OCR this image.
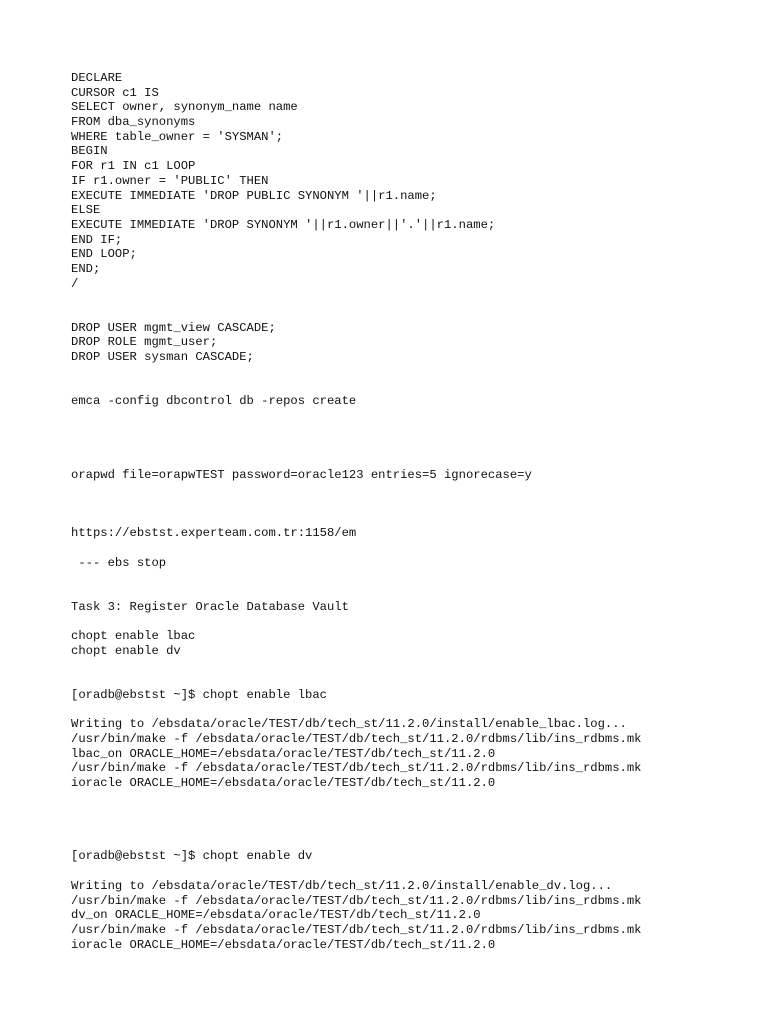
DECLARE
CURSOR c1 IS
SELECT owner, synonym_name name
FROM dba_synonyms
WHERE table_owner = 'SYSMAN';
BEGIN
FOR r1 IN c1 LOOP
IF r1.owner = 'PUBLIC' THEN
EXECUTE IMMEDIATE 'DROP PUBLIC SYNONYM '||r1.name;
ELSE
EXECUTE IMMEDIATE 'DROP SYNONYM '||r1.owner||'.'||r1.name;
END IF;
END LOOP;
END;
/
DROP USER mgmt_view CASCADE;
DROP ROLE mgmt_user;
DROP USER sysman CASCADE;
emca -config dbcontrol db -repos create
orapwd file=orapwTEST password=oracle123 entries=5 ignorecase=y
https://ebstst.experteam.com.tr:1158/em
--- ebs stop
Task 3: Register Oracle Database Vault
chopt enable lbac
chopt enable dv
[oradb@ebstst ~]$ chopt enable lbac
Writing to /ebsdata/oracle/TEST/db/tech_st/11.2.0/install/enable_lbac.log...
/usr/bin/make -f /ebsdata/oracle/TEST/db/tech_st/11.2.0/rdbms/lib/ins_rdbms.mk
lbac_on ORACLE_HOME=/ebsdata/oracle/TEST/db/tech_st/11.2.0
/usr/bin/make -f /ebsdata/oracle/TEST/db/tech_st/11.2.0/rdbms/lib/ins_rdbms.mk
ioracle ORACLE_HOME=/ebsdata/oracle/TEST/db/tech_st/11.2.0
[oradb@ebstst ~]$ chopt enable dv
Writing to /ebsdata/oracle/TEST/db/tech_st/11.2.0/install/enable_dv.log...
/usr/bin/make -f /ebsdata/oracle/TEST/db/tech_st/11.2.0/rdbms/lib/ins_rdbms.mk
dv_on ORACLE_HOME=/ebsdata/oracle/TEST/db/tech_st/11.2.0
/usr/bin/make -f /ebsdata/oracle/TEST/db/tech_st/11.2.0/rdbms/lib/ins_rdbms.mk
ioracle ORACLE_HOME=/ebsdata/oracle/TEST/db/tech_st/11.2.0
